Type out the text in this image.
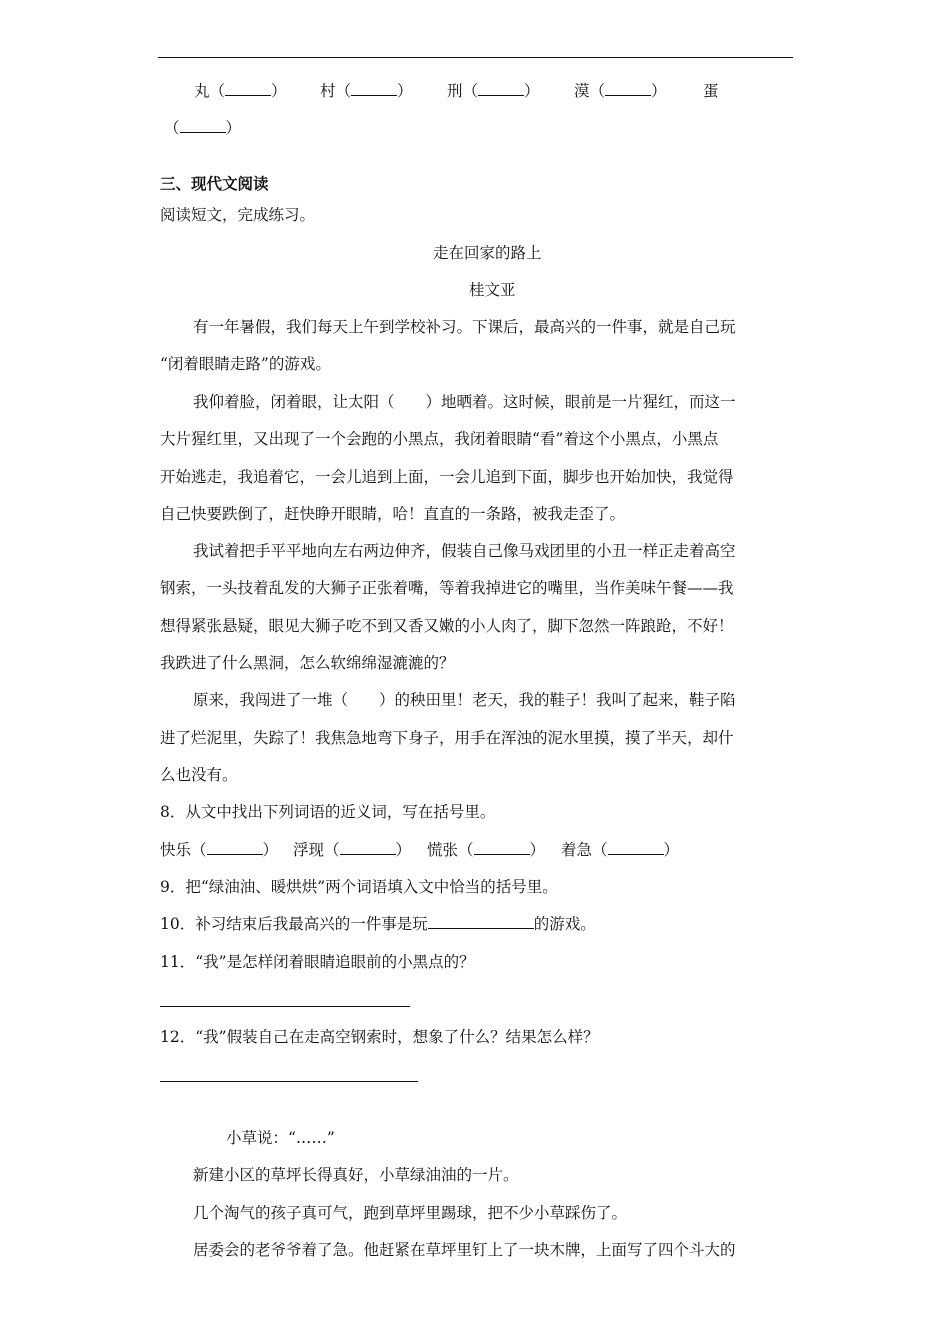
丸（	） 村（	） 刑（	） 漠（	） 蛋
（	）
三、现代文阅读
阅读短文，完成练习。
走在回家的路上
桂文亚
有一年暑假，我们每天上午到学校补习。下课后，最高兴的一件事，就是自己玩
“闭着眼睛走路”的游戏。
我仰着脸，闭着眼，让太阳（　　）地晒着。这时候，眼前是一片猩红，而这一
大片猩红里，又出现了一个会跑的小黑点，我闭着眼睛“看”着这个小黑点，小黑点
开始逃走，我追着它，一会儿追到上面，一会儿追到下面，脚步也开始加快，我觉得
自己快要跌倒了，赶快睁开眼睛，哈！直直的一条路，被我走歪了。
我试着把手平平地向左右两边伸齐，假装自己像马戏团里的小丑一样正走着高空
钢索，一头技着乱发的大狮子正张着嘴，等着我掉进它的嘴里，当作美味午餐——我
想得紧张悬疑，眼见大狮子吃不到又香又嫩的小人肉了，脚下忽然一阵踉跄，不好！
我跌进了什么黑洞，怎么软绵绵湿漉漉的？
原来，我闯进了一堆（　　）的秧田里！老天，我的鞋子！我叫了起来，鞋子陷
进了烂泥里，失踪了！我焦急地弯下身子，用手在浑浊的泥水里摸，摸了半天，却什
么也没有。
8．从文中找出下列词语的近义词，写在括号里。
快乐（	） 浮现（	） 慌张（	） 着急（	）
9．把“绿油油、暖烘烘”两个词语填入文中恰当的括号里。
10．补习结束后我最高兴的一件事是玩	的游戏。
11．“我”是怎样闭着眼睛追眼前的小黑点的？
12．“我”假装自己在走高空钢索时，想象了什么？结果怎么样？
小草说：“……”
新建小区的草坪长得真好，小草绿油油的一片。
几个淘气的孩子真可气，跑到草坪里踢球，把不少小草踩伤了。
居委会的老爷爷着了急。他赶紧在草坪里钉上了一块木牌，上面写了四个斗大的
